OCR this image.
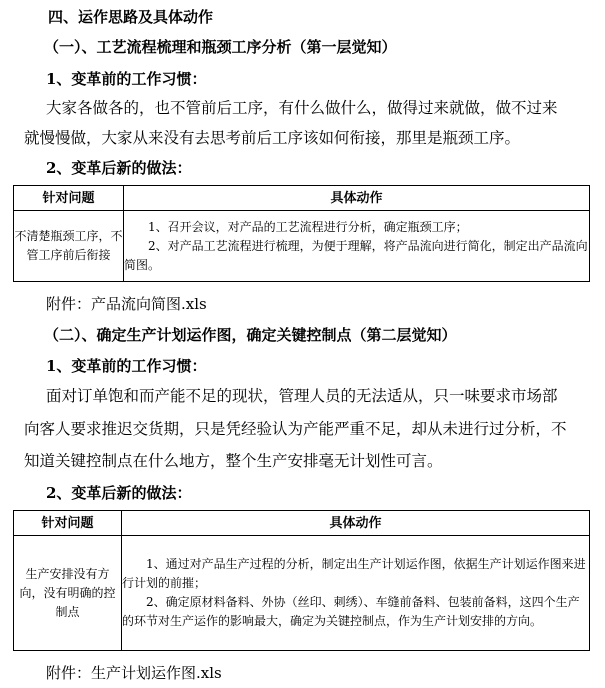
四、运作思路及具体动作
（一）、工艺流程梳理和瓶颈工序分析（第一层觉知）
1、变革前的工作习惯：
大家各做各的，也不管前后工序，有什么做什么，做得过来就做，做不过来
就慢慢做，大家从来没有去思考前后工序该如何衔接，那里是瓶颈工序。
2、变革后新的做法：
针对问题	具体动作
不清楚瓶颈工序，不管工序前后衔接	1、召开会议，对产品的工艺流程进行分析，确定瓶颈工序；
2、对产品工艺流程进行梳理，为便于理解，将产品流向进行简化，制定出产品流向简图。
附件：产品流向简图.xls
（二）、确定生产计划运作图，确定关键控制点（第二层觉知）
1、变革前的工作习惯：
面对订单饱和而产能不足的现状，管理人员的无法适从，只一味要求市场部
向客人要求推迟交货期，只是凭经验认为产能严重不足，却从未进行过分析，不
知道关键控制点在什么地方，整个生产安排毫无计划性可言。
2、变革后新的做法：
针对问题	具体动作
生产安排没有方向，没有明确的控制点	1、通过对产品生产过程的分析，制定出生产计划运作图，依据生产计划运作图来进行计划的前摧；
2、确定原材料备料、外协（丝印、刺绣）、车缝前备料、包装前备料，这四个生产的环节对生产运作的影响最大，确定为关键控制点，作为生产计划安排的方向。
附件：生产计划运作图.xls
